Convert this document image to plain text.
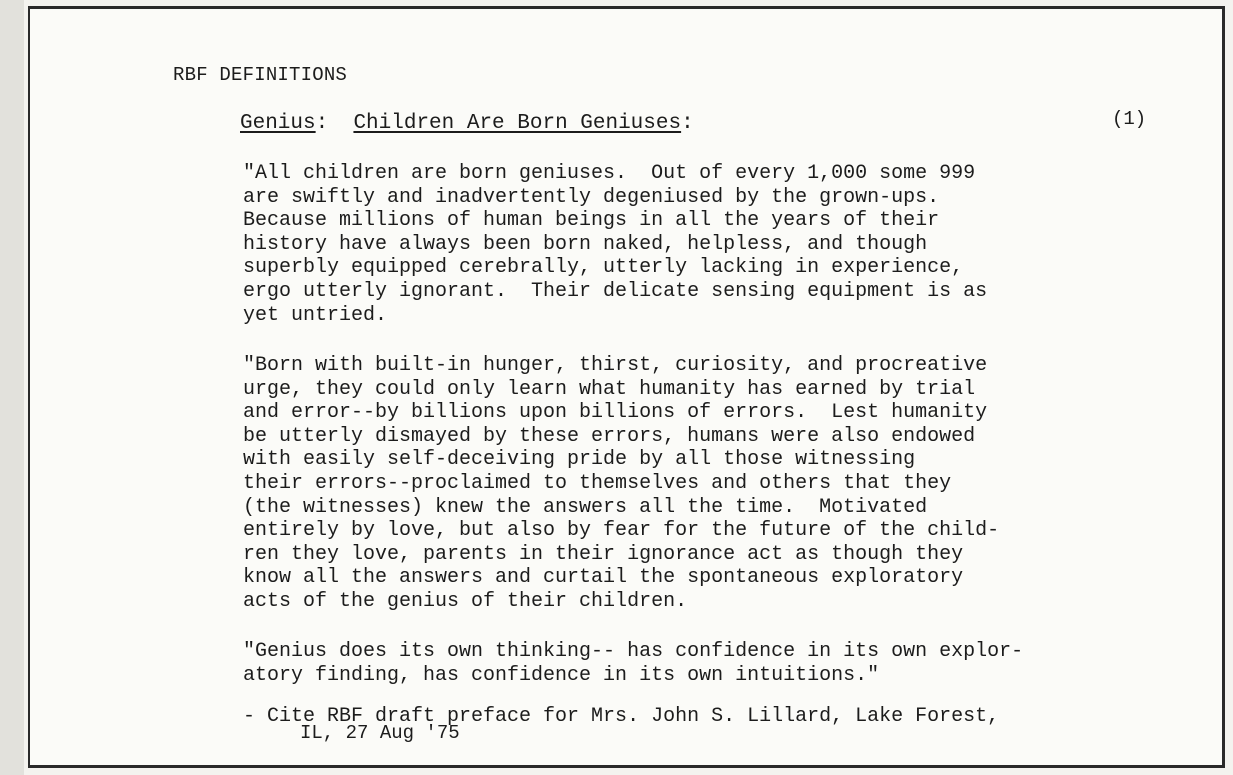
RBF DEFINITIONS
Genius:  Children Are Born Geniuses:	(1)

"All children are born geniuses.  Out of every 1,000 some 999
are swiftly and inadvertently degeniused by the grown-ups.
Because millions of human beings in all the years of their
history have always been born naked, helpless, and though
superbly equipped cerebrally, utterly lacking in experience,
ergo utterly ignorant.  Their delicate sensing equipment is as
yet untried.

"Born with built-in hunger, thirst, curiosity, and procreative
urge, they could only learn what humanity has earned by trial
and error--by billions upon billions of errors.  Lest humanity
be utterly dismayed by these errors, humans were also endowed
with easily self-deceiving pride by all those witnessing
their errors--proclaimed to themselves and others that they
(the witnesses) knew the answers all the time.  Motivated
entirely by love, but also by fear for the future of the child-
ren they love, parents in their ignorance act as though they
know all the answers and curtail the spontaneous exploratory
acts of the genius of their children.

"Genius does its own thinking-- has confidence in its own explor-
atory finding, has confidence in its own intuitions."

- Cite RBF draft preface for Mrs. John S. Lillard, Lake Forest,
IL, 27 Aug '75
